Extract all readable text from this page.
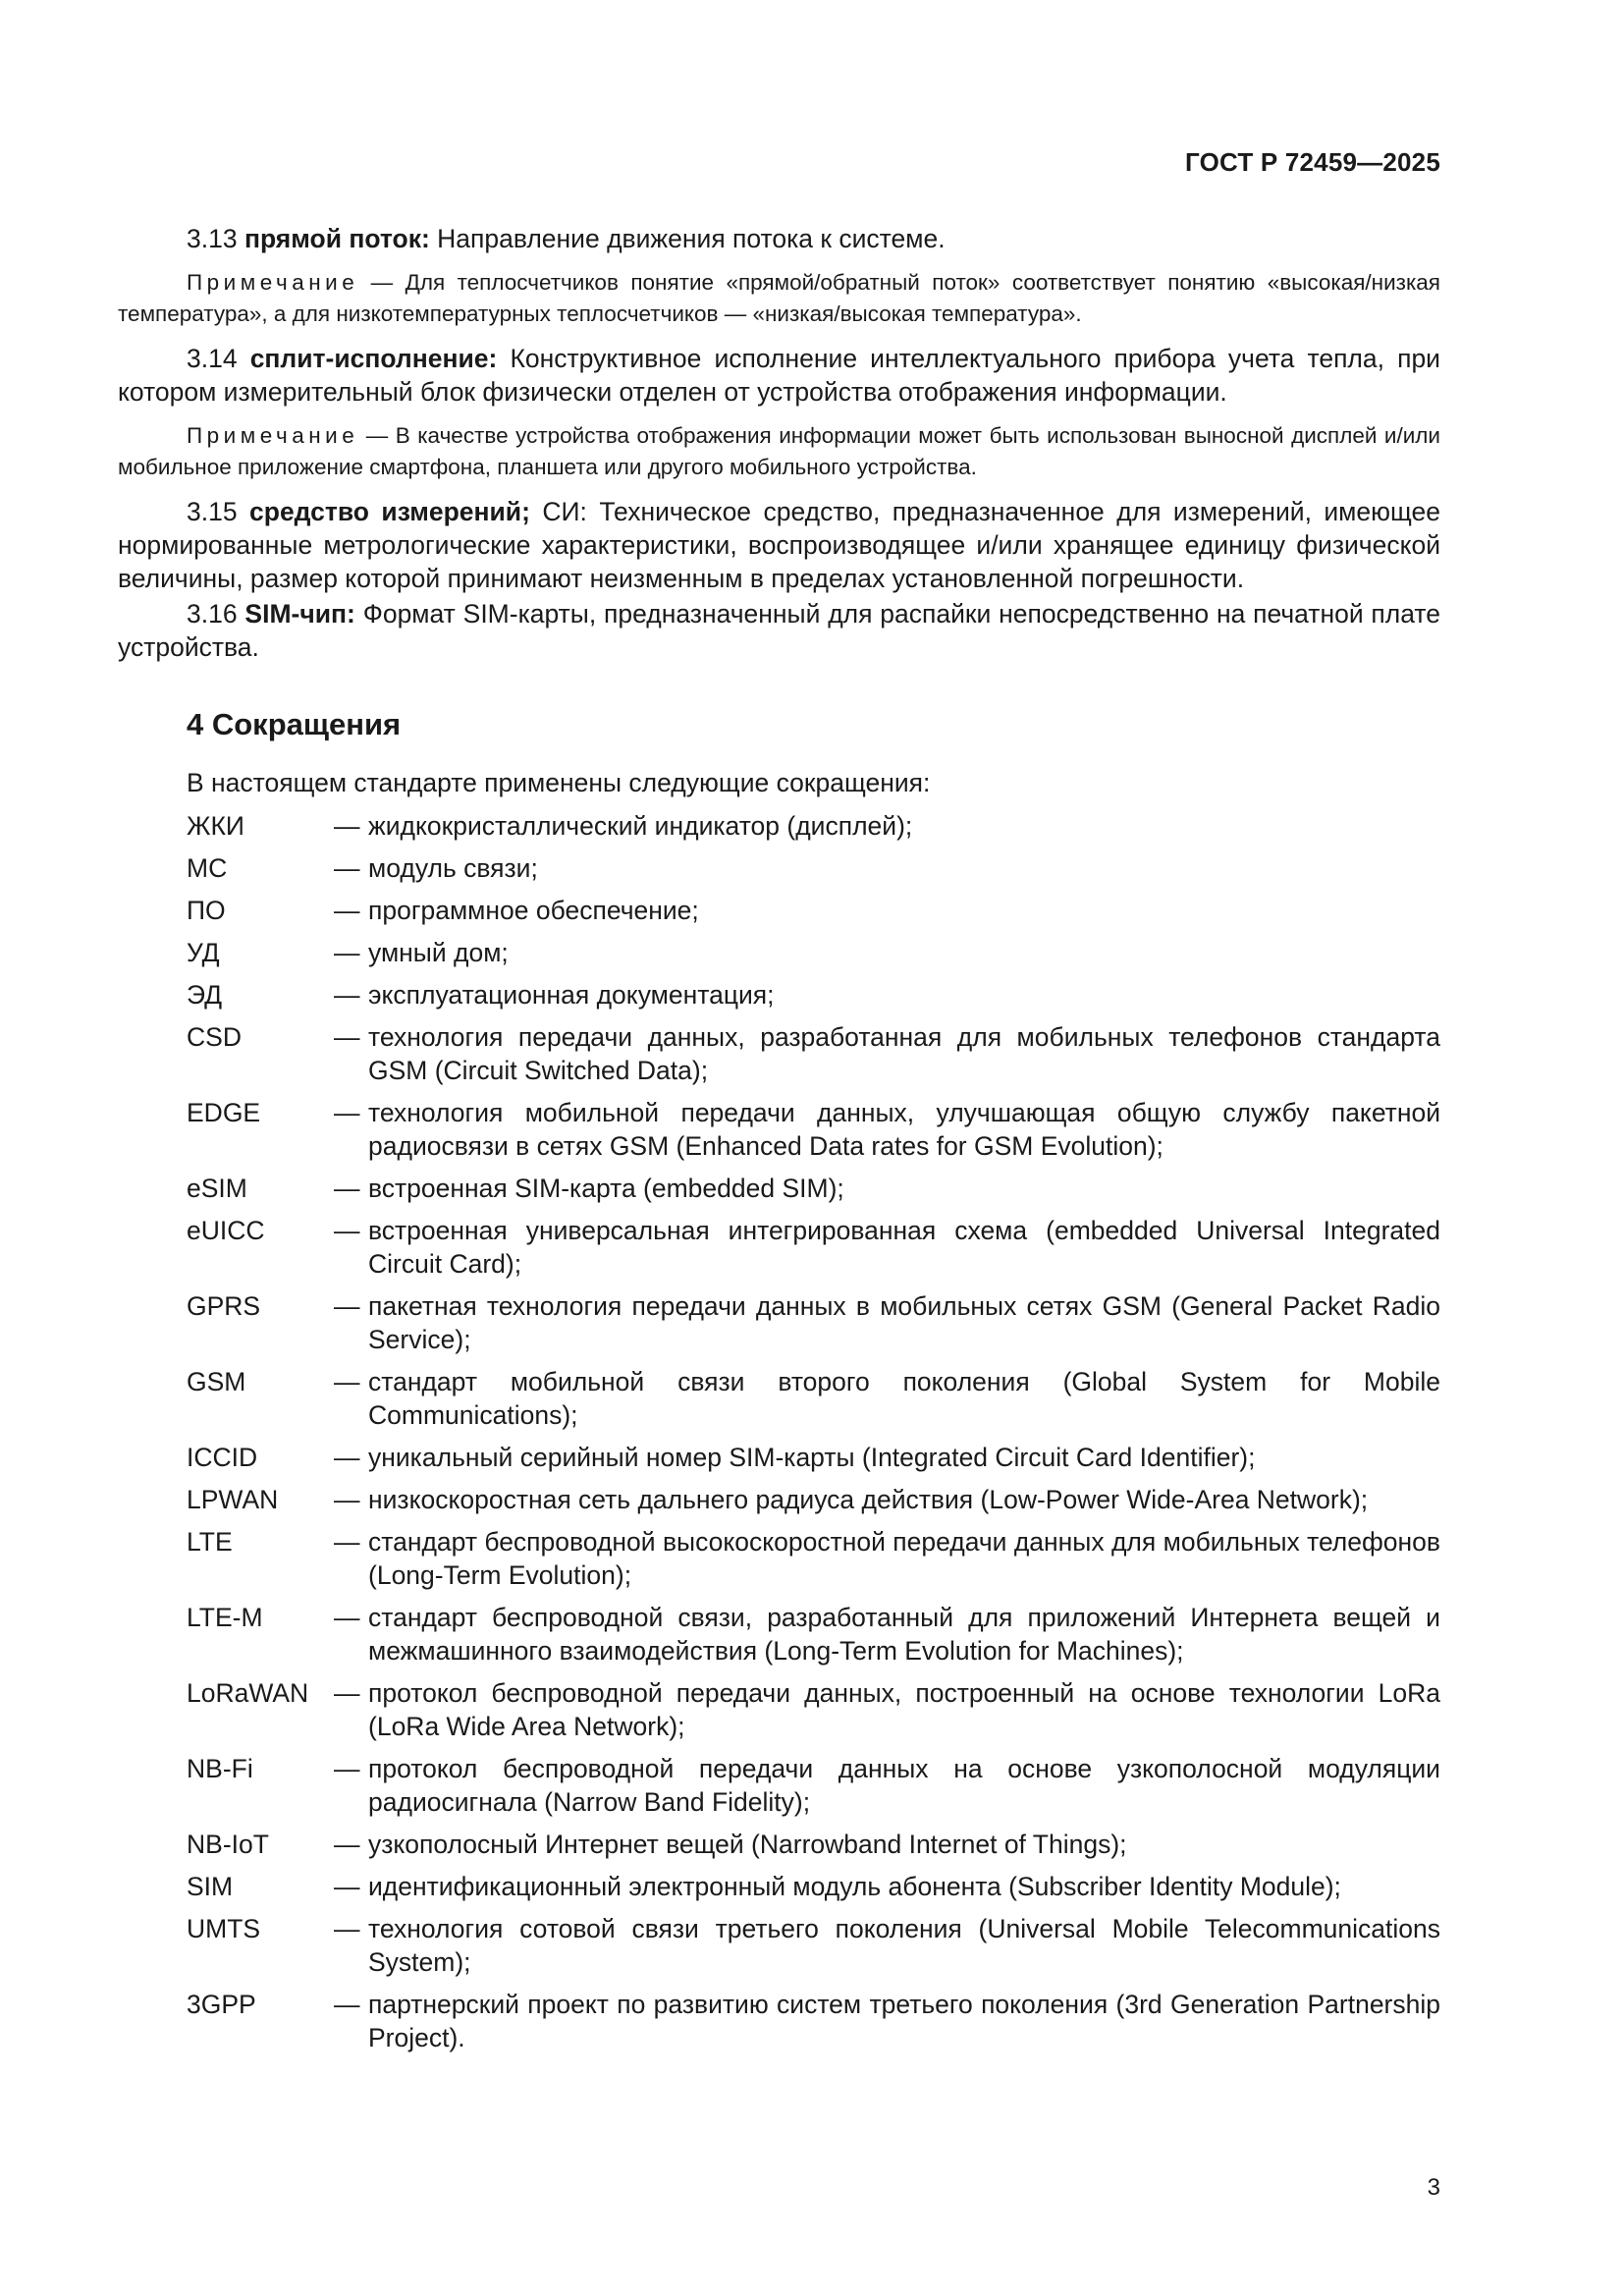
ГОСТ Р 72459—2025

3.13 прямой поток: Направление движения потока к системе.

Примечание — Для теплосчетчиков понятие «прямой/обратный поток» соответствует понятию «высокая/низкая температура», а для низкотемпературных теплосчетчиков — «низкая/высокая температура».

3.14 сплит-исполнение: Конструктивное исполнение интеллектуального прибора учета тепла, при котором измерительный блок физически отделен от устройства отображения информации.

Примечание — В качестве устройства отображения информации может быть использован выносной дисплей и/или мобильное приложение смартфона, планшета или другого мобильного устройства.

3.15 средство измерений; СИ: Техническое средство, предназначенное для измерений, имеющее нормированные метрологические характеристики, воспроизводящее и/или хранящее единицу физической величины, размер которой принимают неизменным в пределах установленной погрешности.

3.16 SIM-чип: Формат SIM-карты, предназначенный для распайки непосредственно на печатной плате устройства.

4 Сокращения

В настоящем стандарте применены следующие сокращения:

ЖКИ	— жидкокристаллический индикатор (дисплей);
МС	— модуль связи;
ПО	— программное обеспечение;
УД	— умный дом;
ЭД	— эксплуатационная документация;
CSD	— технология передачи данных, разработанная для мобильных телефонов стандарта GSM (Circuit Switched Data);
EDGE	— технология мобильной передачи данных, улучшающая общую службу пакетной радиосвязи в сетях GSM (Enhanced Data rates for GSM Evolution);
eSIM	— встроенная SIM-карта (embedded SIM);
eUICC	— встроенная универсальная интегрированная схема (embedded Universal Integrated Circuit Card);
GPRS	— пакетная технология передачи данных в мобильных сетях GSM (General Packet Radio Service);
GSM	— стандарт мобильной связи второго поколения (Global System for Mobile Communications);
ICCID	— уникальный серийный номер SIM-карты (Integrated Circuit Card Identifier);
LPWAN	— низкоскоростная сеть дальнего радиуса действия (Low-Power Wide-Area Network);
LTE	— стандарт беспроводной высокоскоростной передачи данных для мобильных телефонов (Long-Term Evolution);
LTE-M	— стандарт беспроводной связи, разработанный для приложений Интернета вещей и межмашинного взаимодействия (Long-Term Evolution for Machines);
LoRaWAN — протокол беспроводной передачи данных, построенный на основе технологии LoRa (LoRa Wide Area Network);
NB-Fi	— протокол беспроводной передачи данных на основе узкополосной модуляции радиосигнала (Narrow Band Fidelity);
NB-IoT	— узкополосный Интернет вещей (Narrowband Internet of Things);
SIM	— идентификационный электронный модуль абонента (Subscriber Identity Module);
UMTS	— технология сотовой связи третьего поколения (Universal Mobile Telecommunications System);
3GPP	— партнерский проект по развитию систем третьего поколения (3rd Generation Partnership Project).
3
